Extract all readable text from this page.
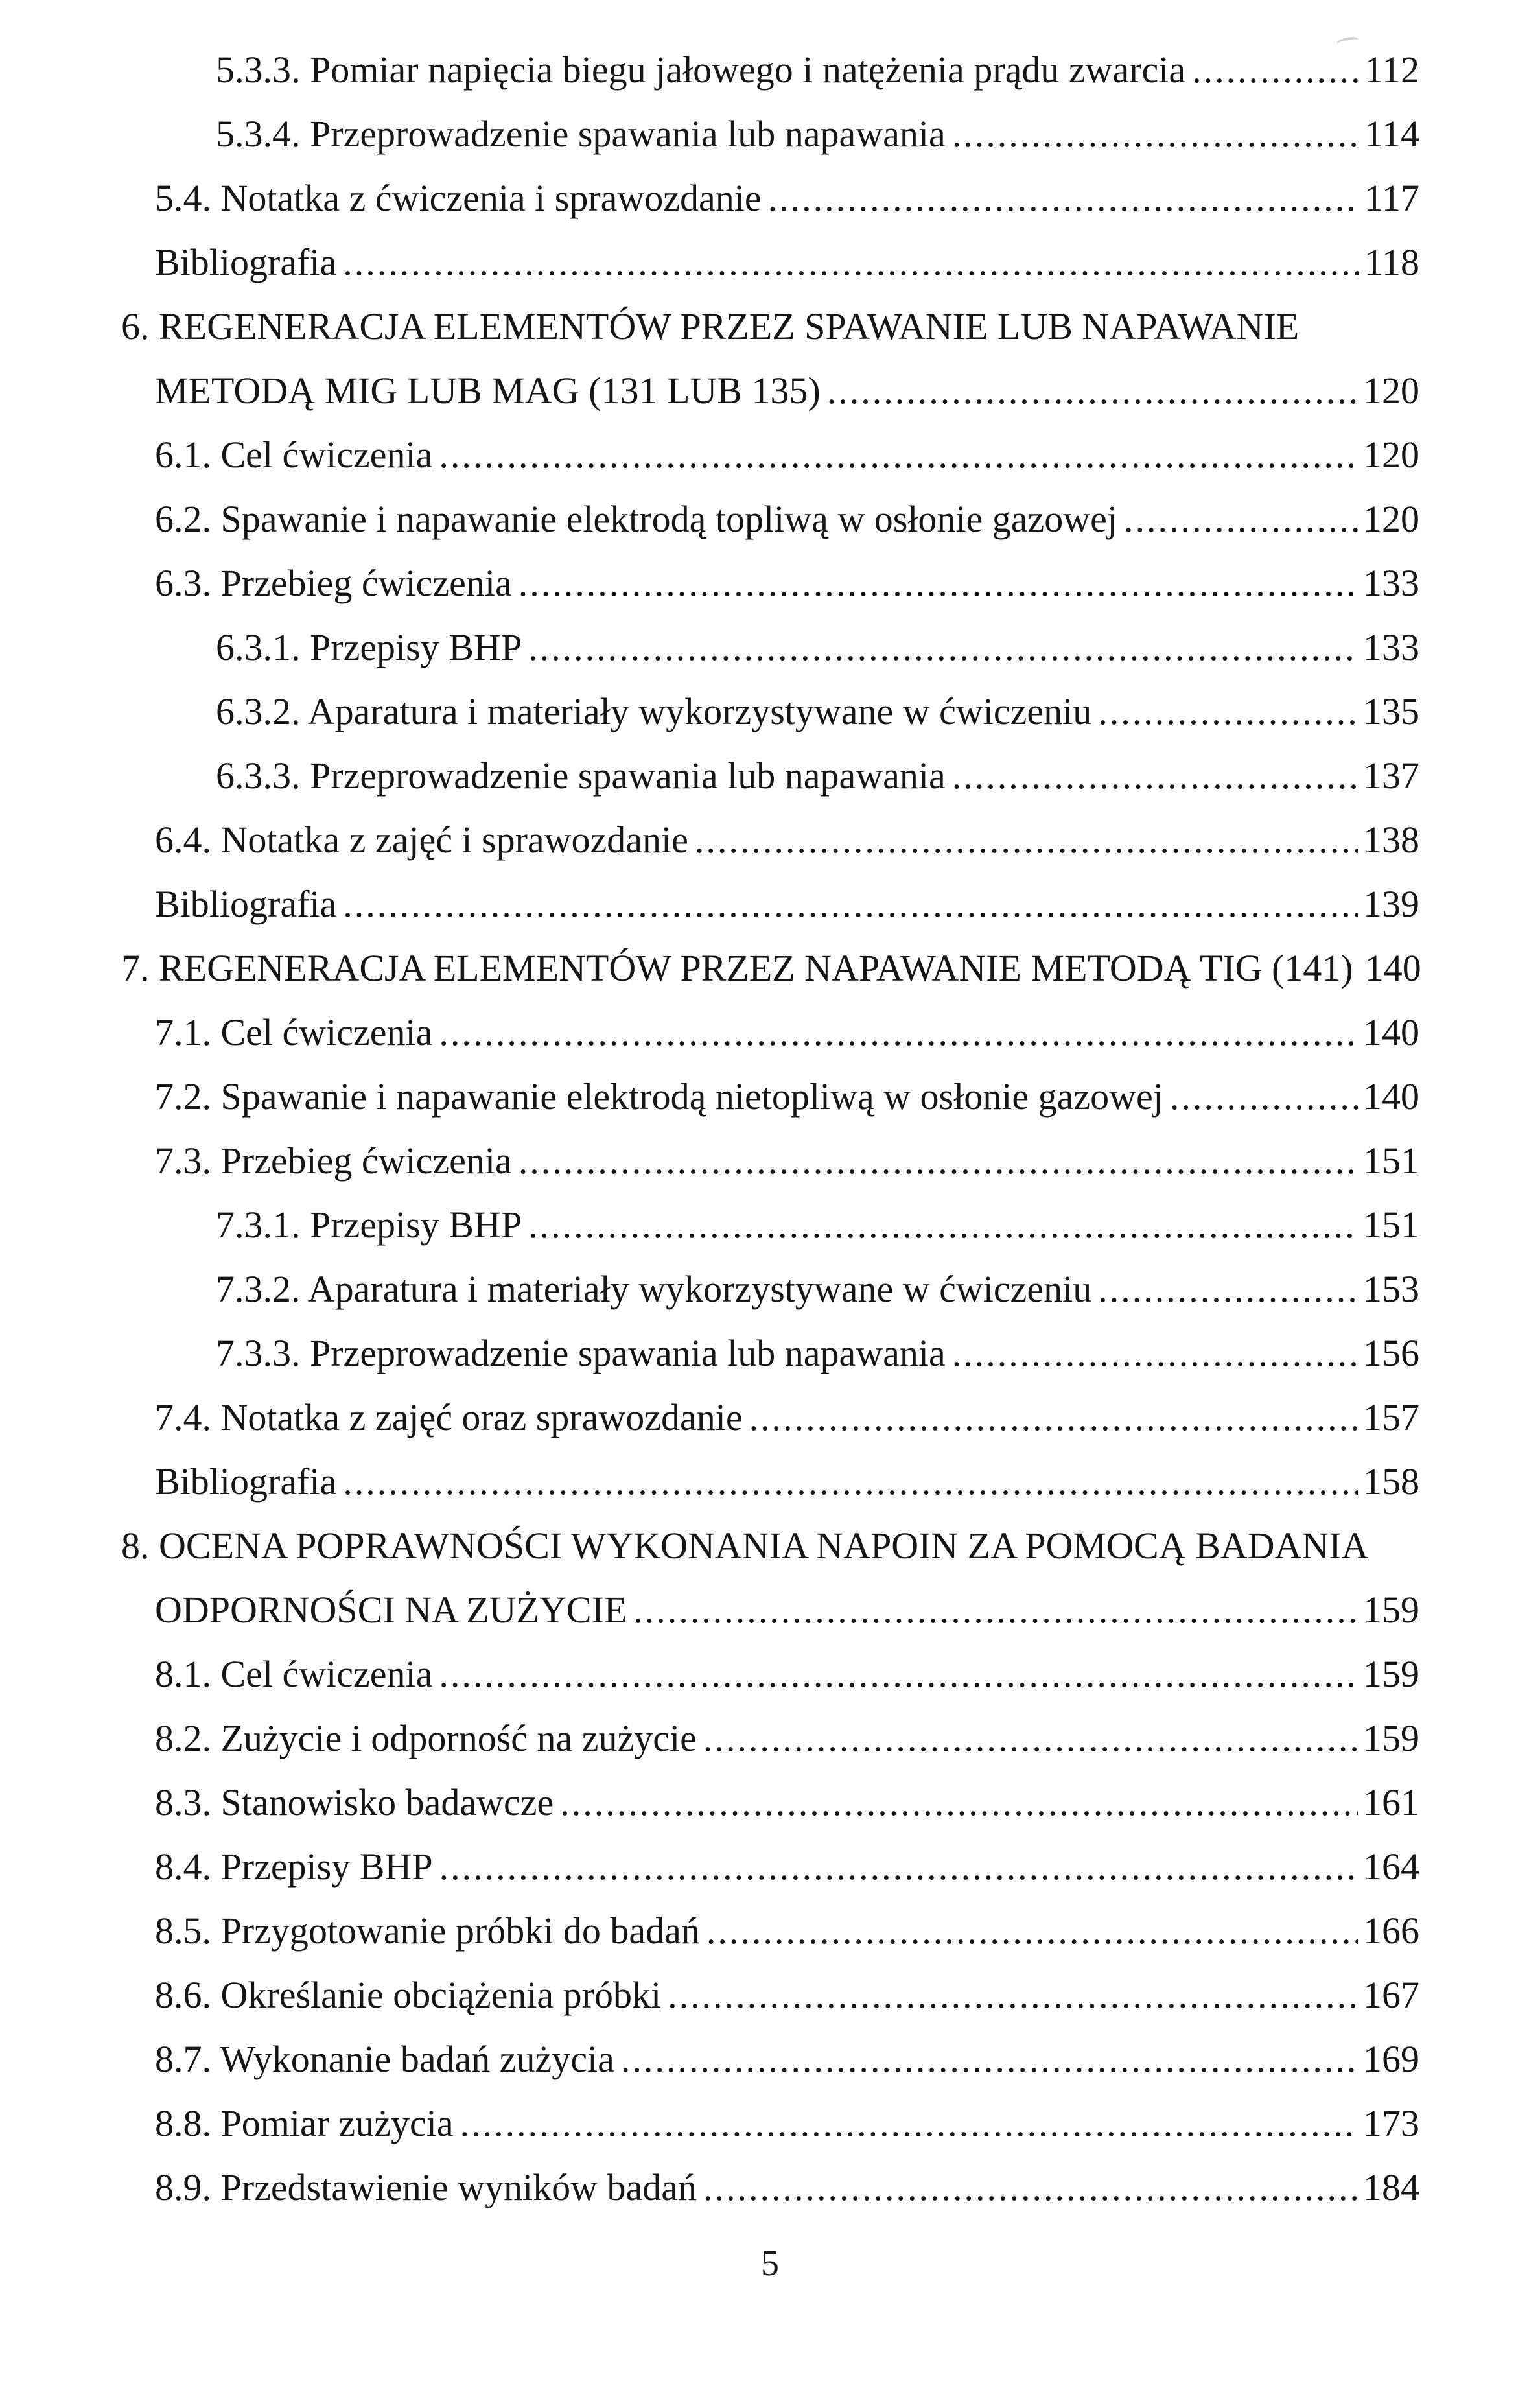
5.3.3. Pomiar napięcia biegu jałowego i natężenia prądu zwarcia .....	112
5.3.4. Przeprowadzenie spawania lub napawania .....	114
5.4. Notatka z ćwiczenia i sprawozdanie .....	117
Bibliografia .....	118
6. REGENERACJA ELEMENTÓW PRZEZ SPAWANIE LUB NAPAWANIE
METODĄ MIG LUB MAG (131 LUB 135) .....	120
6.1. Cel ćwiczenia .....	120
6.2. Spawanie i napawanie elektrodą topliwą w osłonie gazowej .....	120
6.3. Przebieg ćwiczenia .....	133
6.3.1. Przepisy BHP .....	133
6.3.2. Aparatura i materiały wykorzystywane w ćwiczeniu .....	135
6.3.3. Przeprowadzenie spawania lub napawania .....	137
6.4. Notatka z zajęć i sprawozdanie .....	138
Bibliografia .....	139
7. REGENERACJA ELEMENTÓW PRZEZ NAPAWANIE METODĄ TIG (141) 140
7.1. Cel ćwiczenia .....	140
7.2. Spawanie i napawanie elektrodą nietopliwą w osłonie gazowej .....	140
7.3. Przebieg ćwiczenia .....	151
7.3.1. Przepisy BHP .....	151
7.3.2. Aparatura i materiały wykorzystywane w ćwiczeniu .....	153
7.3.3. Przeprowadzenie spawania lub napawania .....	156
7.4. Notatka z zajęć oraz sprawozdanie .....	157
Bibliografia .....	158
8. OCENA POPRAWNOŚCI WYKONANIA NAPOIN ZA POMOCĄ BADANIA
ODPORNOŚCI NA ZUŻYCIE .....	159
8.1. Cel ćwiczenia .....	159
8.2. Zużycie i odporność na zużycie .....	159
8.3. Stanowisko badawcze .....	161
8.4. Przepisy BHP .....	164
8.5. Przygotowanie próbki do badań .....	166
8.6. Określanie obciążenia próbki .....	167
8.7. Wykonanie badań zużycia .....	169
8.8. Pomiar zużycia .....	173
8.9. Przedstawienie wyników badań .....	184
5
